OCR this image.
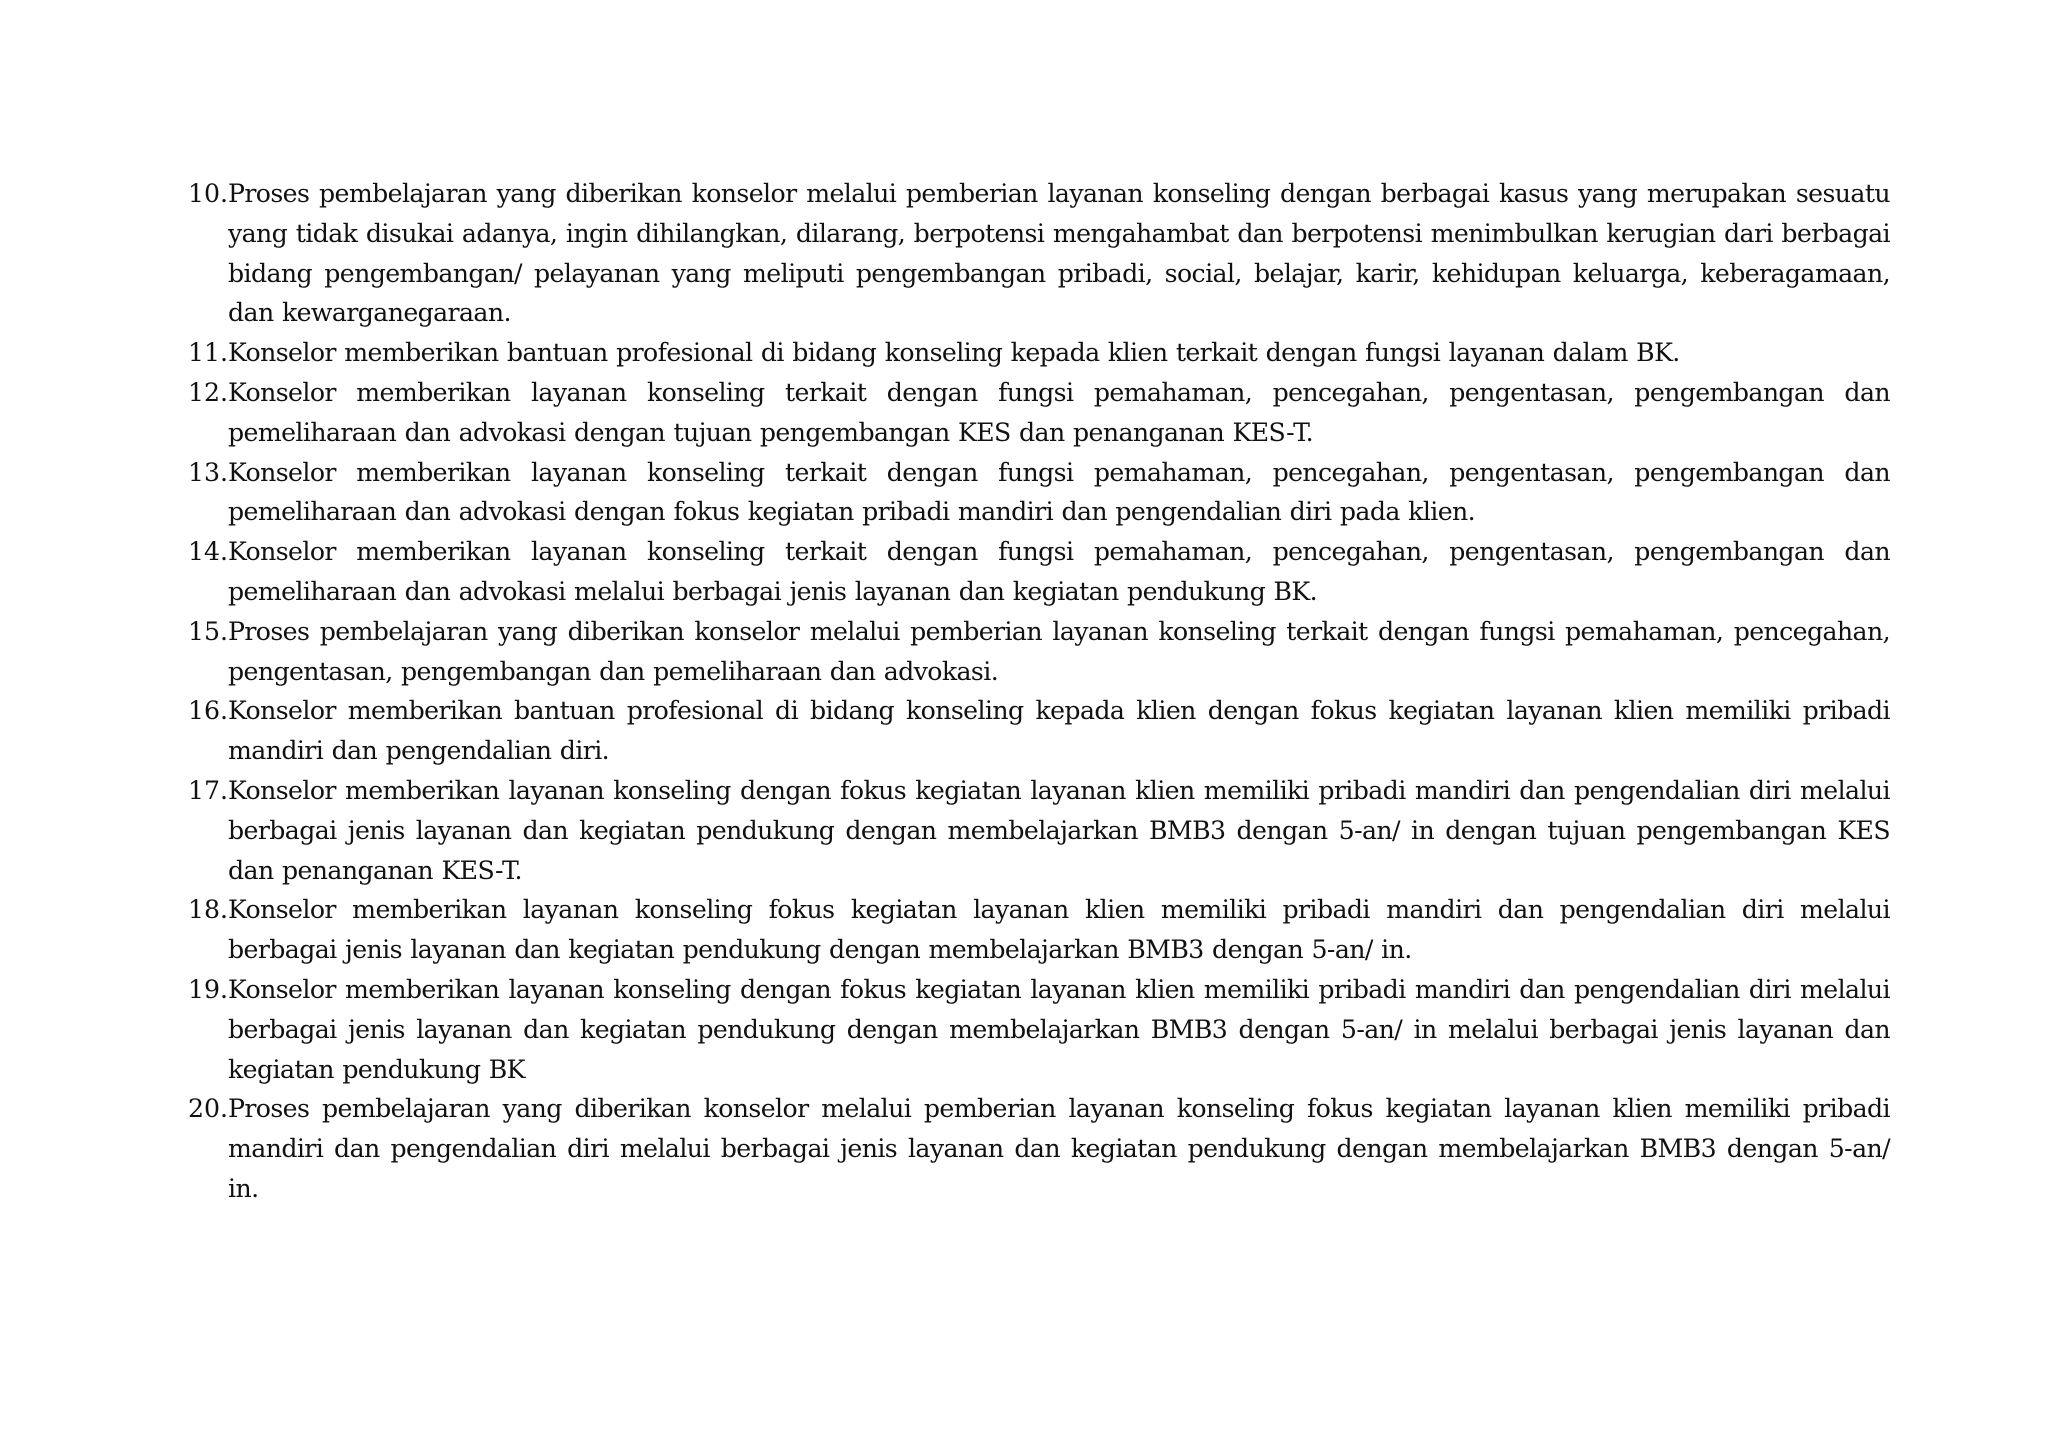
10. Proses pembelajaran yang diberikan konselor melalui pemberian layanan konseling dengan berbagai kasus yang merupakan sesuatu yang tidak disukai adanya, ingin dihilangkan, dilarang, berpotensi mengahambat dan berpotensi menimbulkan kerugian dari berbagai bidang pengembangan/ pelayanan yang meliputi pengembangan pribadi, social, belajar, karir, kehidupan keluarga, keberagamaan, dan kewarganegaraan.
11. Konselor memberikan bantuan profesional di bidang konseling kepada klien terkait dengan fungsi layanan dalam BK.
12. Konselor memberikan layanan konseling terkait dengan fungsi pemahaman, pencegahan, pengentasan, pengembangan dan pemeliharaan dan advokasi dengan tujuan pengembangan KES dan penanganan KES-T.
13. Konselor memberikan layanan konseling terkait dengan fungsi pemahaman, pencegahan, pengentasan, pengembangan dan pemeliharaan dan advokasi dengan fokus kegiatan pribadi mandiri dan pengendalian diri pada klien.
14. Konselor memberikan layanan konseling terkait dengan fungsi pemahaman, pencegahan, pengentasan, pengembangan dan pemeliharaan dan advokasi melalui berbagai jenis layanan dan kegiatan pendukung BK.
15. Proses pembelajaran yang diberikan konselor melalui pemberian layanan konseling terkait dengan fungsi pemahaman, pencegahan, pengentasan, pengembangan dan pemeliharaan dan advokasi.
16. Konselor memberikan bantuan profesional di bidang konseling kepada klien dengan fokus kegiatan layanan klien memiliki pribadi mandiri dan pengendalian diri.
17. Konselor memberikan layanan konseling dengan fokus kegiatan layanan klien memiliki pribadi mandiri dan pengendalian diri melalui berbagai jenis layanan dan kegiatan pendukung dengan membelajarkan BMB3 dengan 5-an/ in dengan tujuan pengembangan KES dan penanganan KES-T.
18. Konselor memberikan layanan konseling fokus kegiatan layanan klien memiliki pribadi mandiri dan pengendalian diri melalui berbagai jenis layanan dan kegiatan pendukung dengan membelajarkan BMB3 dengan 5-an/ in.
19. Konselor memberikan layanan konseling dengan fokus kegiatan layanan klien memiliki pribadi mandiri dan pengendalian diri melalui berbagai jenis layanan dan kegiatan pendukung dengan membelajarkan BMB3 dengan 5-an/ in melalui berbagai jenis layanan dan kegiatan pendukung BK
20. Proses pembelajaran yang diberikan konselor melalui pemberian layanan konseling fokus kegiatan layanan klien memiliki pribadi mandiri dan pengendalian diri melalui berbagai jenis layanan dan kegiatan pendukung dengan membelajarkan BMB3 dengan 5-an/ in.
